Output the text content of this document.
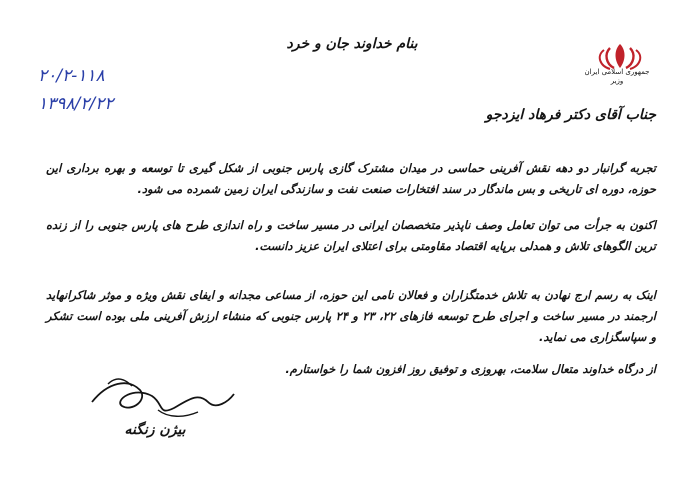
بنام خداوند جان و خرد
جمهوری اسلامی ایران
وزیر
۲۰/۲-۱۱۸
۱۳۹۸/۲/۲۲
جناب آقای دکتر فرهاد ایزدجو
تجربه گرانبار دو دهه نقش آفرینی حماسی در میدان مشترک گازی پارس جنوبی از شکل گیری تا توسعه و بهره برداری این حوزه، دوره ای تاریخی و بس ماندگار در سند افتخارات صنعت نفت و سازندگی ایران زمین شمرده می شود.
اکنون به جرأت می توان تعامل وصف ناپذیر متخصصان ایرانی در مسیر ساخت و راه اندازی طرح های پارس جنوبی را از زنده ترین الگوهای تلاش و همدلی برپایه اقتصاد مقاومتی برای اعتلای ایران عزیز دانست.
اینک به رسم ارج نهادن به تلاش خدمتگزاران و فعالان نامی این حوزه، از مساعی مجدانه و ایفای نقش ویژه و موثر شاکرانهاید ارجمند در مسیر ساخت و اجرای طرح توسعه فازهای ۲۲، ۲۳ و ۲۴ پارس جنوبی که منشاء ارزش آفرینی ملی بوده است تشکر و سپاسگزاری می نماید.
از درگاه خداوند متعال سلامت، بهروزی و توفیق روز افزون شما را خواستارم.
بیژن زنگنه
